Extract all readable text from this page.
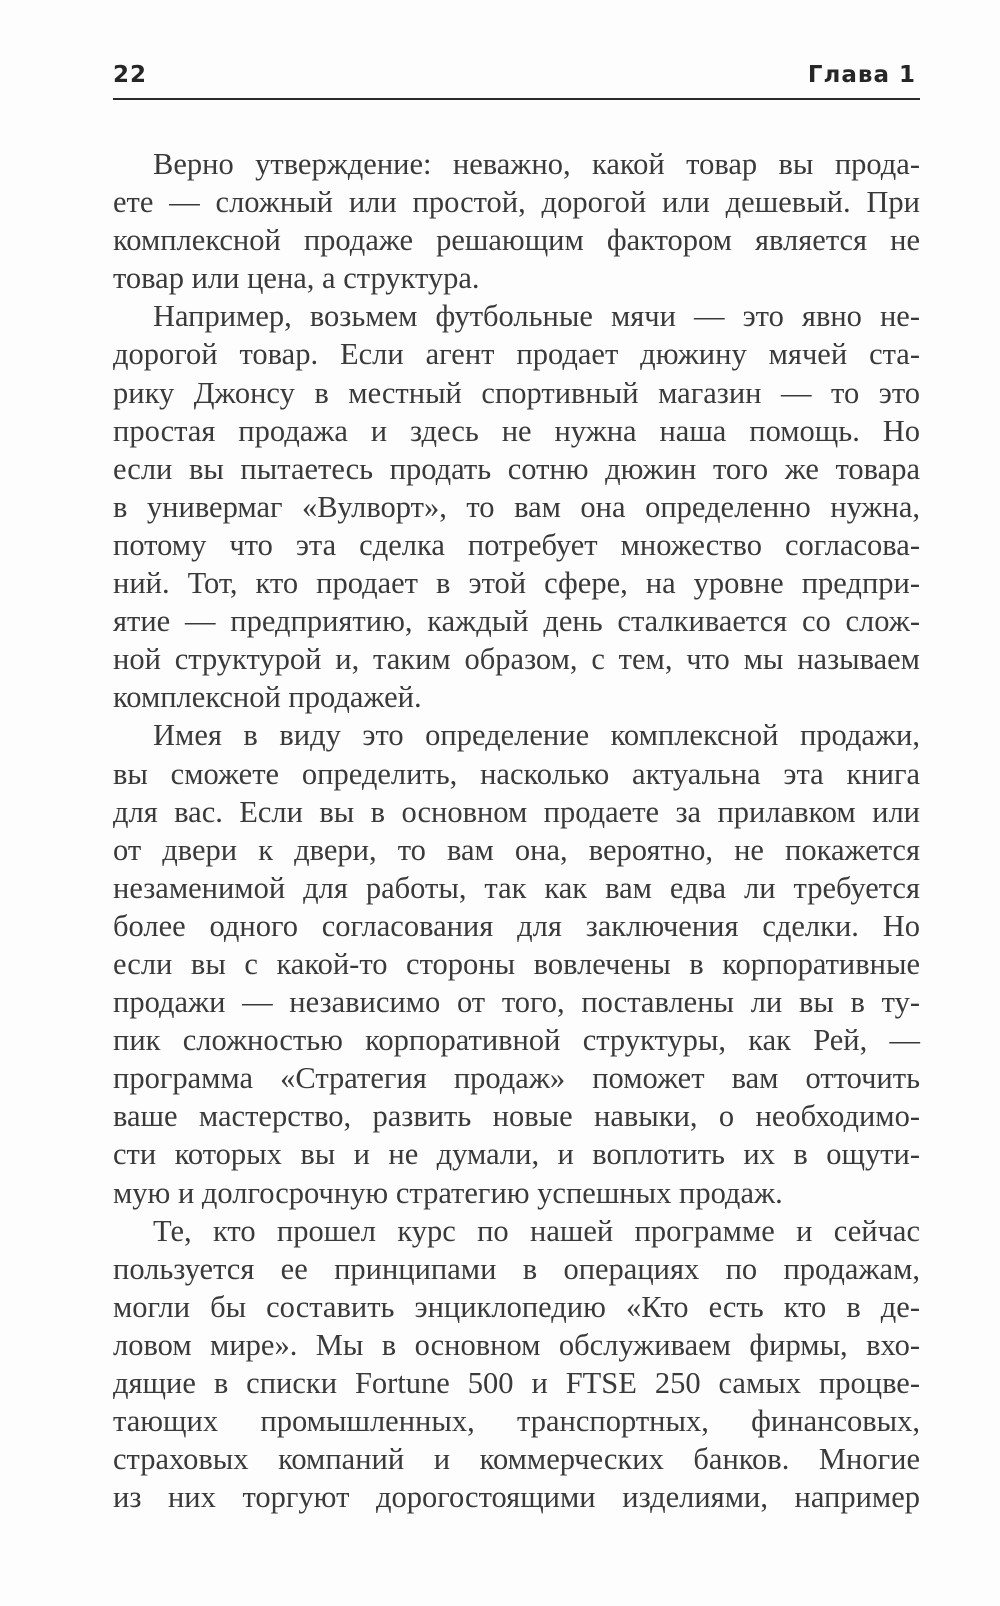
22	Глава 1
Верно утверждение: неважно, какой товар вы прода-
ете — сложный или простой, дорогой или дешевый. При
комплексной продаже решающим фактором является не
товар или цена, а структура.
Например, возьмем футбольные мячи — это явно не-
дорогой товар. Если агент продает дюжину мячей ста-
рику Джонсу в местный спортивный магазин — то это
простая продажа и здесь не нужна наша помощь. Но
если вы пытаетесь продать сотню дюжин того же товара
в универмаг «Вулворт», то вам она определенно нужна,
потому что эта сделка потребует множество согласова-
ний. Тот, кто продает в этой сфере, на уровне предпри-
ятие — предприятию, каждый день сталкивается со слож-
ной структурой и, таким образом, с тем, что мы называем
комплексной продажей.
Имея в виду это определение комплексной продажи,
вы сможете определить, насколько актуальна эта книга
для вас. Если вы в основном продаете за прилавком или
от двери к двери, то вам она, вероятно, не покажется
незаменимой для работы, так как вам едва ли требуется
более одного согласования для заключения сделки. Но
если вы с какой-то стороны вовлечены в корпоративные
продажи — независимо от того, поставлены ли вы в ту-
пик сложностью корпоративной структуры, как Рей, —
программа «Стратегия продаж» поможет вам отточить
ваше мастерство, развить новые навыки, о необходимо-
сти которых вы и не думали, и воплотить их в ощути-
мую и долгосрочную стратегию успешных продаж.
Те, кто прошел курс по нашей программе и сейчас
пользуется ее принципами в операциях по продажам,
могли бы составить энциклопедию «Кто есть кто в де-
ловом мире». Мы в основном обслуживаем фирмы, вхо-
дящие в списки Fortune 500 и FTSE 250 самых процве-
тающих промышленных, транспортных, финансовых,
страховых компаний и коммерческих банков. Многие
из них торгуют дорогостоящими изделиями, например
